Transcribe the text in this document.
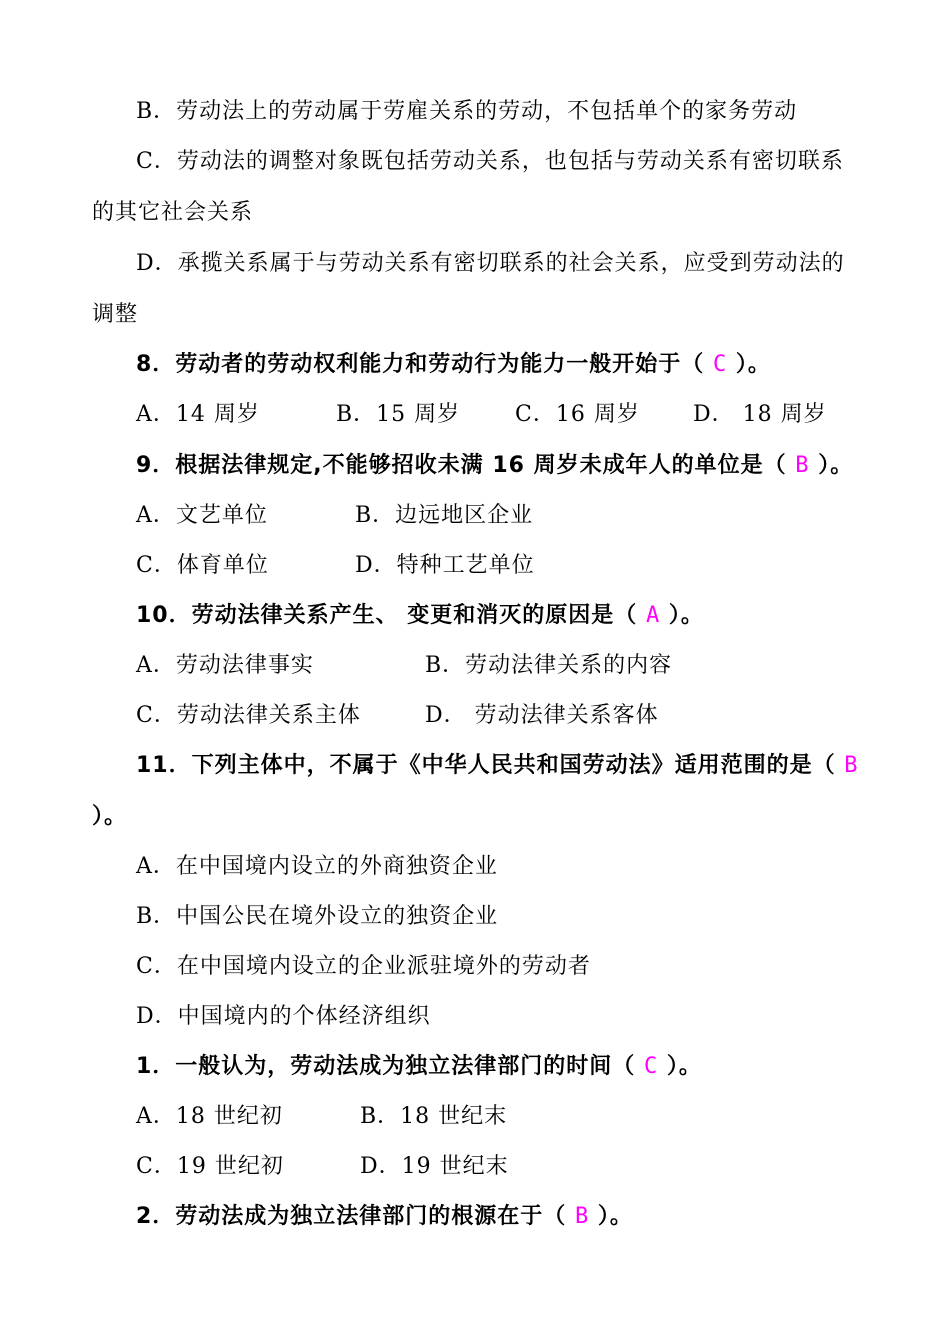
B．劳动法上的劳动属于劳雇关系的劳动，不包括单个的家务劳动
C．劳动法的调整对象既包括劳动关系，也包括与劳动关系有密切联系
的其它社会关系
D．承揽关系属于与劳动关系有密切联系的社会关系，应受到劳动法的
调整
8．劳动者的劳动权利能力和劳动行为能力一般开始于（ C ）。
A．14 周岁	B．15 周岁 C．16 周岁 D． 18 周岁
9．根据法律规定,不能够招收未满 16 周岁未成年人的单位是（ B ）。
A．文艺单位	B．边远地区企业
C．体育单位	D．特种工艺单位
10．劳动法律关系产生、 变更和消灭的原因是（ A ）。
A．劳动法律事实	B．劳动法律关系的内容
C．劳动法律关系主体	D． 劳动法律关系客体
11．下列主体中，不属于《中华人民共和国劳动法》适用范围的是（ B
）。
A．在中国境内设立的外商独资企业
B．中国公民在境外设立的独资企业
C．在中国境内设立的企业派驻境外的劳动者
D．中国境内的个体经济组织
1．一般认为，劳动法成为独立法律部门的时间（ C ）。
A．18 世纪初	B．18 世纪末
C．19 世纪初	D．19 世纪末
2．劳动法成为独立法律部门的根源在于（ B ）。
